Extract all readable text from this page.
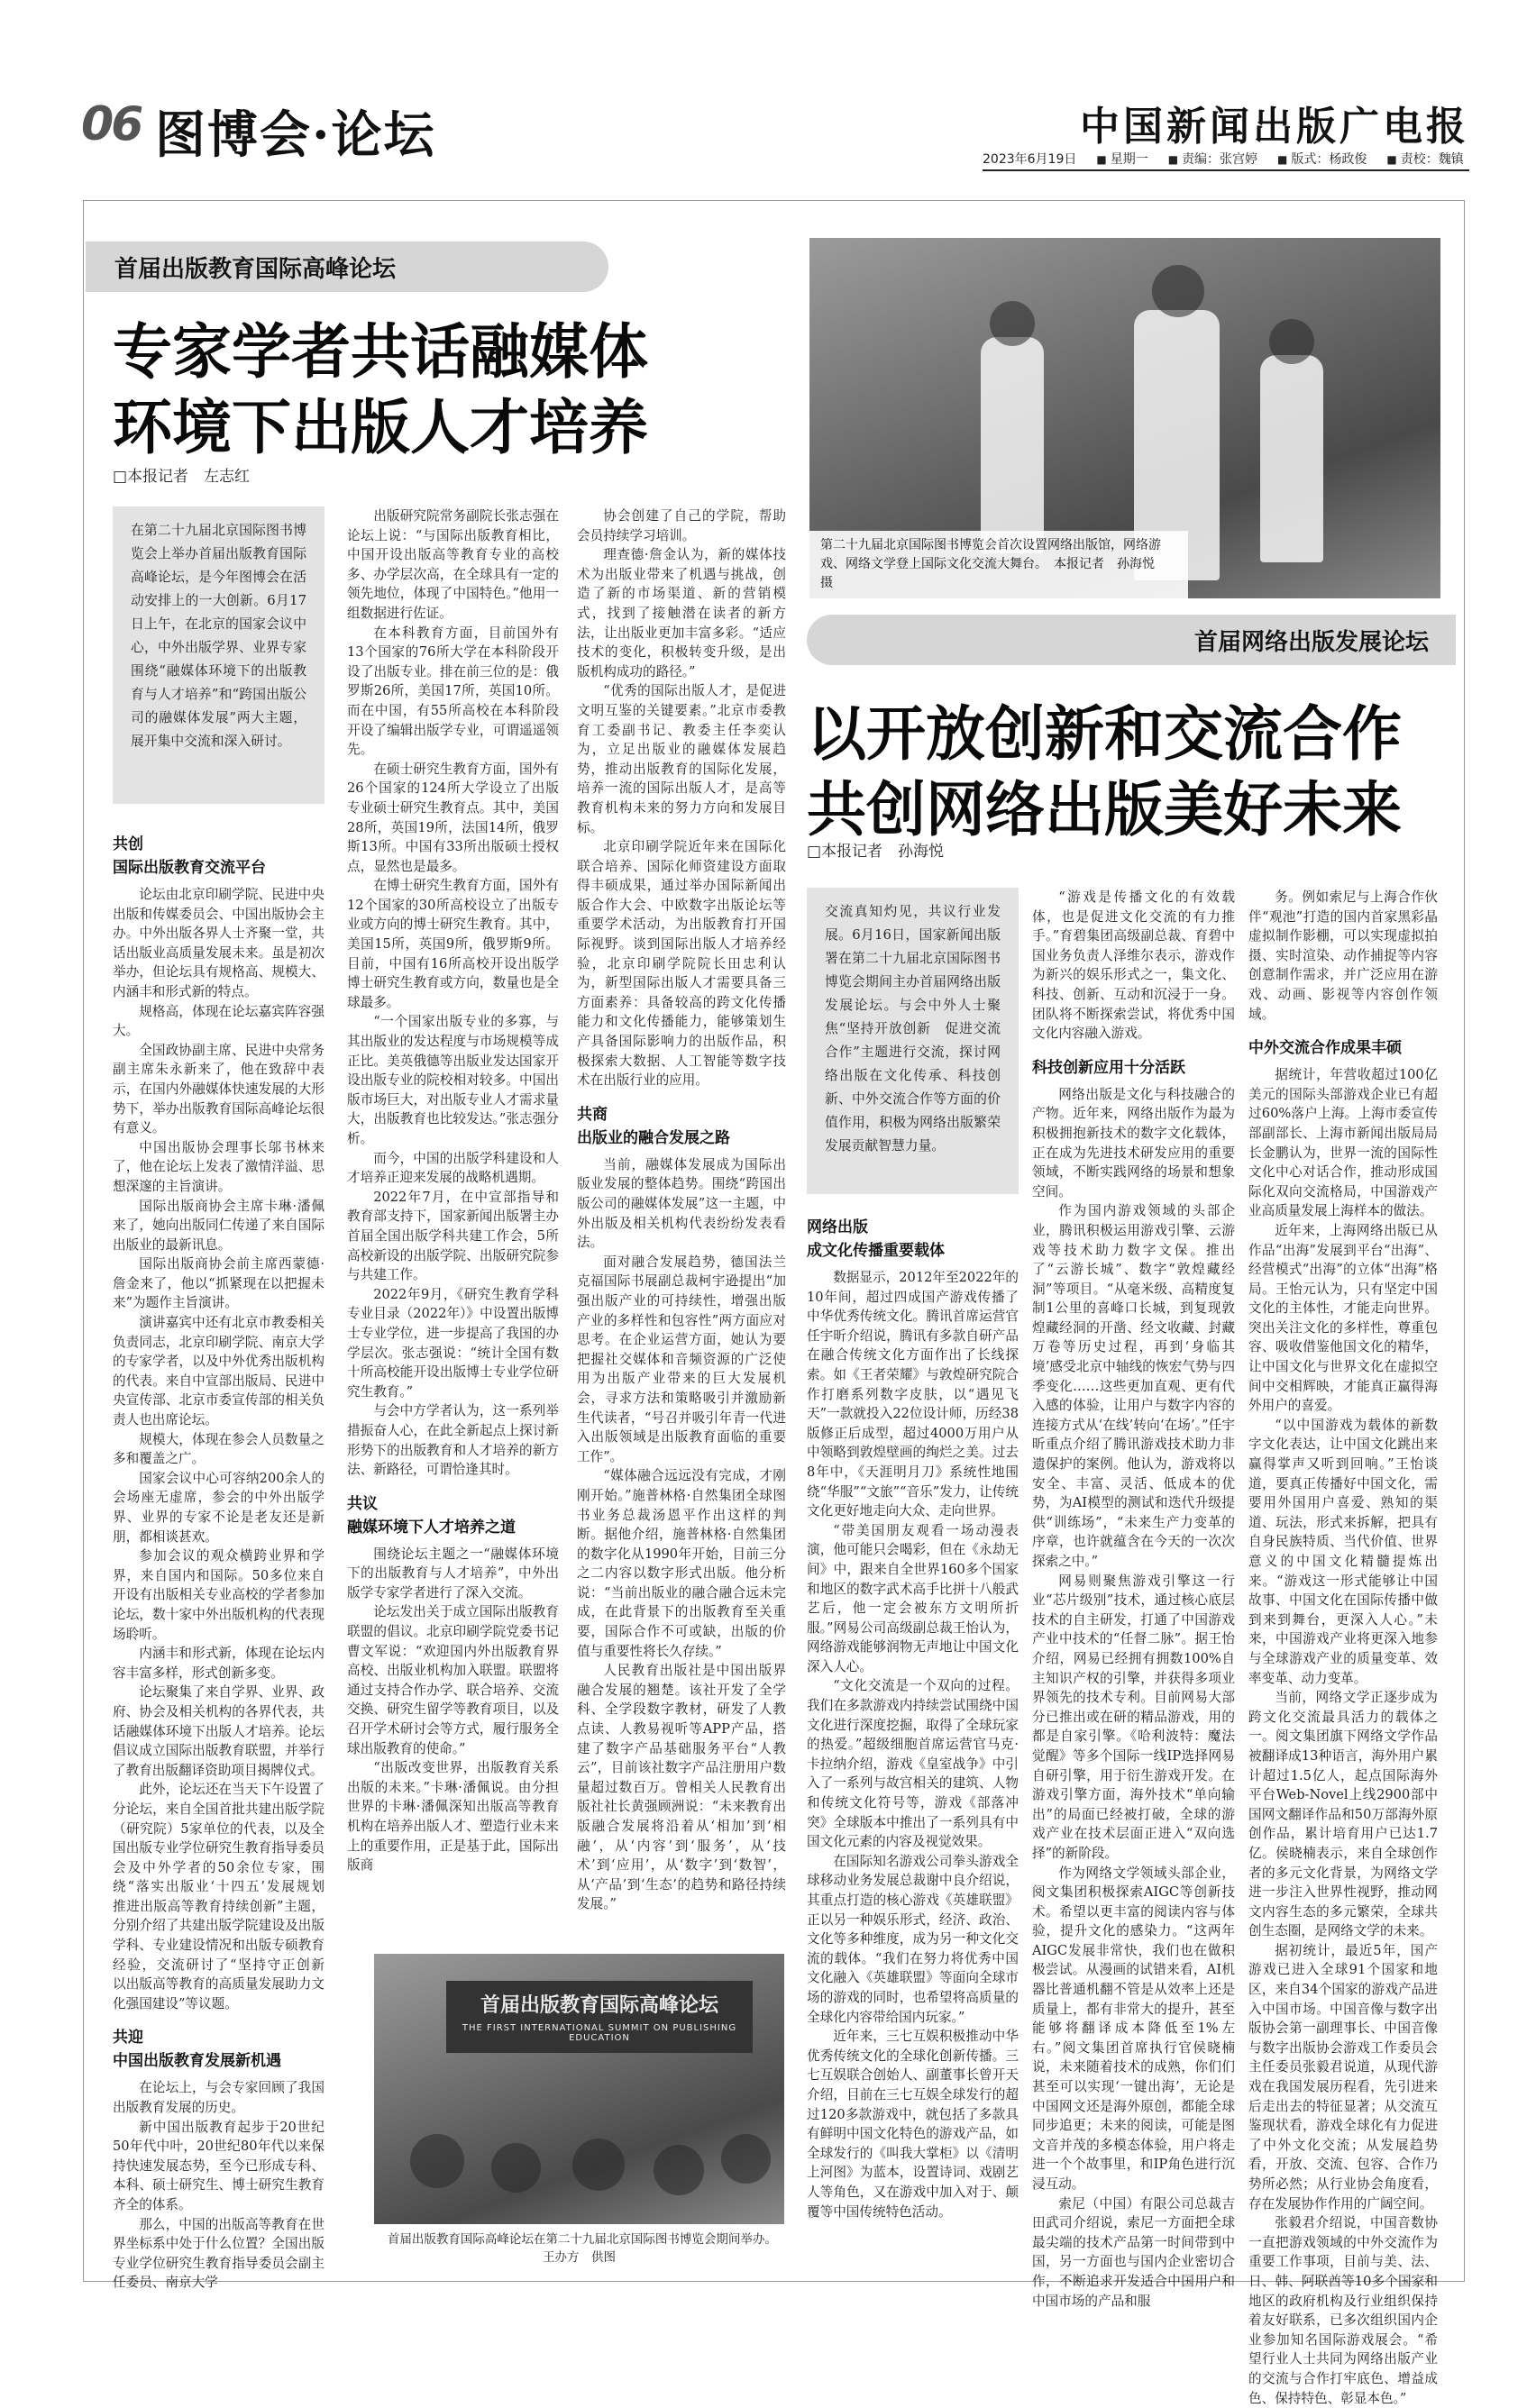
06 图博会·论坛	中国新闻出版广电报
2023年6月19日	■ 星期一	■ 责编：张宫婷	■ 版式：杨政俊	■ 责校：魏镇
首届出版教育国际高峰论坛
专家学者共话融媒体
环境下出版人才培养
□本报记者　左志红
在第二十九届北京国际图书博览会上举办首届出版教育国际高峰论坛，是今年图博会在活动安排上的一大创新。6月17日上午，在北京的国家会议中心，中外出版学界、业界专家围绕“融媒体环境下的出版教育与人才培养”和“跨国出版公司的融媒体发展”两大主题，展开集中交流和深入研讨。

共创
国际出版教育交流平台

论坛由北京印刷学院、民进中央出版和传媒委员会、中国出版协会主办。中外出版各界人士齐聚一堂，共话出版业高质量发展未来。虽是初次举办，但论坛具有规格高、规模大、内涵丰和形式新的特点。

规格高，体现在论坛嘉宾阵容强大。

全国政协副主席、民进中央常务副主席朱永新来了，他在致辞中表示，在国内外融媒体快速发展的大形势下，举办出版教育国际高峰论坛很有意义。

中国出版协会理事长邬书林来了，他在论坛上发表了激情洋溢、思想深邃的主旨演讲。

国际出版商协会主席卡琳·潘佩来了，她向出版同仁传递了来自国际出版业的最新讯息。

国际出版商协会前主席西蒙德·詹金来了，他以“抓紧现在以把握未来”为题作主旨演讲。

演讲嘉宾中还有北京市教委相关负责同志，北京印刷学院、南京大学的专家学者，以及中外优秀出版机构的代表。来自中宣部出版局、民进中央宣传部、北京市委宣传部的相关负责人也出席论坛。

规模大，体现在参会人员数量之多和覆盖之广。

国家会议中心可容纳200余人的会场座无虚席，参会的中外出版学界、业界的专家不论是老友还是新朋，都相谈甚欢。

参加会议的观众横跨业界和学界，来自国内和国际。50多位来自开设有出版相关专业高校的学者参加论坛，数十家中外出版机构的代表现场聆听。

内涵丰和形式新，体现在论坛内容丰富多样，形式创新多变。

论坛聚集了来自学界、业界、政府、协会及相关机构的各界代表，共话融媒体环境下出版人才培养。论坛倡议成立国际出版教育联盟，并举行了教育出版翻译资助项目揭牌仪式。

此外，论坛还在当天下午设置了分论坛，来自全国首批共建出版学院（研究院）5家单位的代表，以及全国出版专业学位研究生教育指导委员会及中外学者的50余位专家，围绕“落实出版业‘十四五’发展规划　推进出版高等教育持续创新”主题，分别介绍了共建出版学院建设及出版学科、专业建设情况和出版专硕教育经验，交流研讨了“坚持守正创新　以出版高等教育的高质量发展助力文化强国建设”等议题。

共迎
中国出版教育发展新机遇

在论坛上，与会专家回顾了我国出版教育发展的历史。

新中国出版教育起步于20世纪50年代中叶，20世纪80年代以来保持快速发展态势，至今已形成专科、本科、硕士研究生、博士研究生教育齐全的体系。

那么，中国的出版高等教育在世界坐标系中处于什么位置？全国出版专业学位研究生教育指导委员会副主任委员、南京大学

出版研究院常务副院长张志强在论坛上说：“与国际出版教育相比，中国开设出版高等教育专业的高校多、办学层次高，在全球具有一定的领先地位，体现了中国特色。”他用一组数据进行佐证。

在本科教育方面，目前国外有13个国家的76所大学在本科阶段开设了出版专业。排在前三位的是：俄罗斯26所，美国17所，英国10所。而在中国，有55所高校在本科阶段开设了编辑出版学专业，可谓遥遥领先。

在硕士研究生教育方面，国外有26个国家的124所大学设立了出版专业硕士研究生教育点。其中，美国28所，英国19所，法国14所，俄罗斯13所。中国有33所出版硕士授权点，显然也是最多。

在博士研究生教育方面，国外有12个国家的30所高校设立了出版专业或方向的博士研究生教育。其中，美国15所，英国9所，俄罗斯9所。目前，中国有16所高校开设出版学博士研究生教育或方向，数量也是全球最多。

“一个国家出版专业的多寡，与其出版业的发达程度与市场规模等成正比。美英俄德等出版业发达国家开设出版专业的院校相对较多。中国出版市场巨大，对出版专业人才需求量大，出版教育也比较发达。”张志强分析。

而今，中国的出版学科建设和人才培养正迎来发展的战略机遇期。

2022年7月，在中宣部指导和教育部支持下，国家新闻出版署主办首届全国出版学科共建工作会，5所高校新设的出版学院、出版研究院参与共建工作。

2022年9月，《研究生教育学科专业目录（2022年）》中设置出版博士专业学位，进一步提高了我国的办学层次。张志强说：“统计全国有数十所高校能开设出版博士专业学位研究生教育。”

与会中方学者认为，这一系列举措振奋人心，在此全新起点上探讨新形势下的出版教育和人才培养的新方法、新路径，可谓恰逢其时。

共议
融媒环境下人才培养之道

围绕论坛主题之一“融媒体环境下的出版教育与人才培养”，中外出版学专家学者进行了深入交流。

论坛发出关于成立国际出版教育联盟的倡议。北京印刷学院党委书记曹文军说：“欢迎国内外出版教育界高校、出版业机构加入联盟。联盟将通过支持合作办学、联合培养、交流交换、研究生留学等教育项目，以及召开学术研讨会等方式，履行服务全球出版教育的使命。”

“出版改变世界，出版教育关系出版的未来。”卡琳·潘佩说。由分担世界的卡琳·潘佩深知出版高等教育机构在培养出版人才、塑造行业未来上的重要作用，正是基于此，国际出版商

协会创建了自己的学院，帮助会员持续学习培训。

理查德·詹金认为，新的媒体技术为出版业带来了机遇与挑战，创造了新的市场渠道、新的营销模式，找到了接触潜在读者的新方法，让出版业更加丰富多彩。“适应技术的变化，积极转变升级，是出版机构成功的路径。”

“优秀的国际出版人才，是促进文明互鉴的关键要素。”北京市委教育工委副书记、教委主任李奕认为，立足出版业的融媒体发展趋势，推动出版教育的国际化发展，培养一流的国际出版人才，是高等教育机构未来的努力方向和发展目标。

北京印刷学院近年来在国际化联合培养、国际化师资建设方面取得丰硕成果，通过举办国际新闻出版合作大会、中欧数字出版论坛等重要学术活动，为出版教育打开国际视野。谈到国际出版人才培养经验，北京印刷学院院长田忠利认为，新型国际出版人才需要具备三方面素养：具备较高的跨文化传播能力和文化传播能力，能够策划生产具备国际影响力的出版作品，积极探索大数据、人工智能等数字技术在出版行业的应用。

共商
出版业的融合发展之路

当前，融媒体发展成为国际出版业发展的整体趋势。围绕“跨国出版公司的融媒体发展”这一主题，中外出版及相关机构代表纷纷发表看法。

面对融合发展趋势，德国法兰克福国际书展副总裁柯宇逊提出“加强出版产业的可持续性，增强出版产业的多样性和包容性”两方面应对思考。在企业运营方面，她认为要把握社交媒体和音频资源的广泛使用为出版产业带来的巨大发展机会，寻求方法和策略吸引并激励新生代读者，“号召并吸引年青一代进入出版领域是出版教育面临的重要工作”。

“媒体融合远远没有完成，才刚刚开始。”施普林格·自然集团全球图书业务总裁汤恩平作出这样的判断。据他介绍，施普林格·自然集团的数字化从1990年开始，目前三分之二内容以数字形式出版。他分析说：“当前出版业的融合融合远未完成，在此背景下的出版教育至关重要，国际合作不可或缺，出版的价值与重要性将长久存续。”

人民教育出版社是中国出版界融合发展的翘楚。该社开发了全学科、全学段数字教材，研发了人教点读、人教易视听等APP产品，搭建了数字产品基础服务平台“人教云”，目前该社数字产品注册用户数量超过数百万。曾相关人民教育出版社社长黄强顾洲说：“未来教育出版融合发展将沿着从‘相加’到‘相融’，从‘内容’到‘服务’，从‘技术’到‘应用’，从‘数字’到‘数智’，从‘产品’到‘生态’的趋势和路径持续发展。”

首届出版教育国际高峰论坛
THE FIRST INTERNATIONAL SUMMIT ON PUBLISHING EDUCATION
首届出版教育国际高峰论坛在第二十九届北京国际图书博览会期间举办。　　王办方　供图
第二十九届北京国际图书博览会首次设置网络出版馆，网络游戏、网络文学登上国际文化交流大舞台。　本报记者　孙海悦　摄
首届网络出版发展论坛
以开放创新和交流合作
共创网络出版美好未来
□本报记者　孙海悦
交流真知灼见，共议行业发展。6月16日，国家新闻出版署在第二十九届北京国际图书博览会期间主办首届网络出版发展论坛。与会中外人士聚焦“坚持开放创新　促进交流合作”主题进行交流，探讨网络出版在文化传承、科技创新、中外交流合作等方面的价值作用，积极为网络出版繁荣发展贡献智慧力量。

网络出版
成文化传播重要载体

数据显示，2012年至2022年的10年间，超过四成国产游戏传播了中华优秀传统文化。腾讯首席运营官任宇昕介绍说，腾讯有多款自研产品在融合传统文化方面作出了长线探索。如《王者荣耀》与敦煌研究院合作打磨系列数字皮肤，以“遇见飞天”一款就投入22位设计师，历经38版修正后成型，超过4000万用户从中领略到敦煌壁画的绚烂之美。过去8年中，《天涯明月刀》系统性地围绕“华服”“文旅”“音乐”发力，让传统文化更好地走向大众、走向世界。

“带美国朋友观看一场动漫表演，他可能只会喝彩，但在《永劫无间》中，跟来自全世界160多个国家和地区的数字武术高手比拼十八般武艺后，他一定会被东方文明所折服。”网易公司高级副总裁王怡认为，网络游戏能够润物无声地让中国文化深入人心。

“文化交流是一个双向的过程。我们在多款游戏内持续尝试围绕中国文化进行深度挖掘，取得了全球玩家的热爱。”超级细胞首席运营官马克·卡拉纳介绍，游戏《皇室战争》中引入了一系列与故宫相关的建筑、人物和传统文化符号等，游戏《部落冲突》全球版本中推出了一系列具有中国文化元素的内容及视觉效果。

在国际知名游戏公司拳头游戏全球移动业务发展总裁谢中良介绍说，其重点打造的核心游戏《英雄联盟》正以另一种娱乐形式，经济、政治、文化等多种维度，成为另一种文化交流的载体。“我们在努力将优秀中国文化融入《英雄联盟》等面向全球市场的游戏的同时，也希望将高质量的全球化内容带给国内玩家。”

近年来，三七互娱积极推动中华优秀传统文化的全球化创新传播。三七互娱联合创始人、副董事长曾开天介绍，目前在三七互娱全球发行的超过120多款游戏中，就包括了多款具有鲜明中国文化特色的游戏产品，如全球发行的《叫我大掌柜》以《清明上河图》为蓝本，设置诗词、戏剧艺人等角色，又在游戏中加入对于、颠覆等中国传统特色活动。

“游戏是传播文化的有效载体，也是促进文化交流的有力推手。”育碧集团高级副总裁、育碧中国业务负责人泽维尔表示，游戏作为新兴的娱乐形式之一，集文化、科技、创新、互动和沉浸于一身。团队将不断探索尝试，将优秀中国文化内容融入游戏。

科技创新应用十分活跃

网络出版是文化与科技融合的产物。近年来，网络出版作为最为积极拥抱新技术的数字文化载体，正在成为先进技术研发应用的重要领域，不断实践网络的场景和想象空间。

作为国内游戏领域的头部企业，腾讯积极运用游戏引擎、云游戏等技术助力数字文保。推出了“云游长城”、数字“敦煌藏经洞”等项目。“从毫米级、高精度复制1公里的喜峰口长城，到复现敦煌藏经洞的开凿、经文收藏、封藏万卷等历史过程，再到‘身临其境’感受北京中轴线的恢宏气势与四季变化……这些更加直观、更有代入感的体验，让用户与数字内容的连接方式从‘在线’转向‘在场’。”任宇昕重点介绍了腾讯游戏技术助力非遗保护的案例。他认为，游戏将以安全、丰富、灵活、低成本的优势，为AI模型的测试和迭代升级提供“训练场”，“未来生产力变革的序章，也许就蕴含在今天的一次次探索之中。”

网易则聚焦游戏引擎这一行业“芯片级别”技术，通过核心底层技术的自主研发，打通了中国游戏产业中技术的“任督二脉”。据王怡介绍，网易已经拥有拥数100%自主知识产权的引擎，并获得多项业界领先的技术专利。目前网易大部分已推出或在研的精品游戏，用的都是自家引擎。《哈利波特：魔法觉醒》等多个国际一线IP选择网易自研引擎，用于衍生游戏开发。在游戏引擎方面，海外技术“单向输出”的局面已经被打破，全球的游戏产业在技术层面正进入“双向选择”的新阶段。

作为网络文学领域头部企业，阅文集团积极探索AIGC等创新技术。希望以更丰富的阅读内容与体验，提升文化的感染力。“这两年AIGC发展非常快，我们也在做积极尝试。从漫画的试错来看，AI机器比普通机翻不管是从效率上还是质量上，都有非常大的提升，甚至能够将翻译成本降低至1%左右。”阅文集团首席执行官侯晓楠说，未来随着技术的成熟，你们们甚至可以实现‘一键出海’，无论是中国网文还是海外原创，都能全球同步追更；未来的阅读，可能是图文音并茂的多模态体验，用户将走进一个个故事里，和IP角色进行沉浸互动。

索尼（中国）有限公司总裁吉田武司介绍说，索尼一方面把全球最尖端的技术产品第一时间带到中国，另一方面也与国内企业密切合作，不断追求开发适合中国用户和中国市场的产品和服

务。例如索尼与上海合作伙伴“观池”打造的国内首家黑彩晶虚拟制作影棚，可以实现虚拟拍摄、实时渲染、动作捕捉等内容创意制作需求，并广泛应用在游戏、动画、影视等内容创作领域。

中外交流合作成果丰硕

据统计，年营收超过100亿美元的国际头部游戏企业已有超过60%落户上海。上海市委宣传部副部长、上海市新闻出版局局长金鹏认为，世界一流的国际性文化中心对话合作，推动形成国际化双向交流格局，中国游戏产业高质量发展上海样本的做法。

近年来，上海网络出版已从作品“出海”发展到平台“出海”、经营模式“出海”的立体“出海”格局。王怡元认为，只有坚定中国文化的主体性，才能走向世界。突出关注文化的多样性，尊重包容、吸收借鉴他国文化的精华，让中国文化与世界文化在虚拟空间中交相辉映，才能真正赢得海外用户的喜爱。

“以中国游戏为载体的新数字文化表达，让中国文化跳出来赢得掌声又听到回响。”王怡谈道，要真正传播好中国文化，需要用外国用户喜爱、熟知的渠道、玩法，形式来拆解，把具有自身民族特质、当代价值、世界意义的中国文化精髓提炼出来。“游戏这一形式能够让中国故事、中国文化在国际传播中做到来到舞台，更深入人心。”未来，中国游戏产业将更深入地参与全球游戏产业的质量变革、效率变革、动力变革。

当前，网络文学正逐步成为跨文化交流最具活力的载体之一。阅文集团旗下网络文学作品被翻译成13种语言，海外用户累计超过1.5亿人，起点国际海外平台Web-Novel上线2900部中国网文翻译作品和50万部海外原创作品，累计培育用户已达1.7亿。侯晓楠表示，来自全球创作者的多元文化背景，为网络文学进一步注入世界性视野，推动网文内容生态的多元繁荣，全球共创生态圈，是网络文学的未来。

据初统计，最近5年，国产游戏已进入全球91个国家和地区，来自34个国家的游戏产品进入中国市场。中国音像与数字出版协会第一副理事长、中国音像与数字出版协会游戏工作委员会主任委员张毅君说道，从现代游戏在我国发展历程看，先引进来后走出去的特征显著；从交流互鉴现状看，游戏全球化有力促进了中外文化交流；从发展趋势看，开放、交流、包容、合作乃势所必然；从行业协会角度看，存在发展协作作用的广阔空间。

张毅君介绍说，中国音数协一直把游戏领域的中外交流作为重要工作事项，目前与美、法、日、韩、阿联酋等10多个国家和地区的政府机构及行业组织保持着友好联系，已多次组织国内企业参加知名国际游戏展会。“希望行业人士共同为网络出版产业的交流与合作打牢底色、增益成色、保持特色、彰显本色。”
